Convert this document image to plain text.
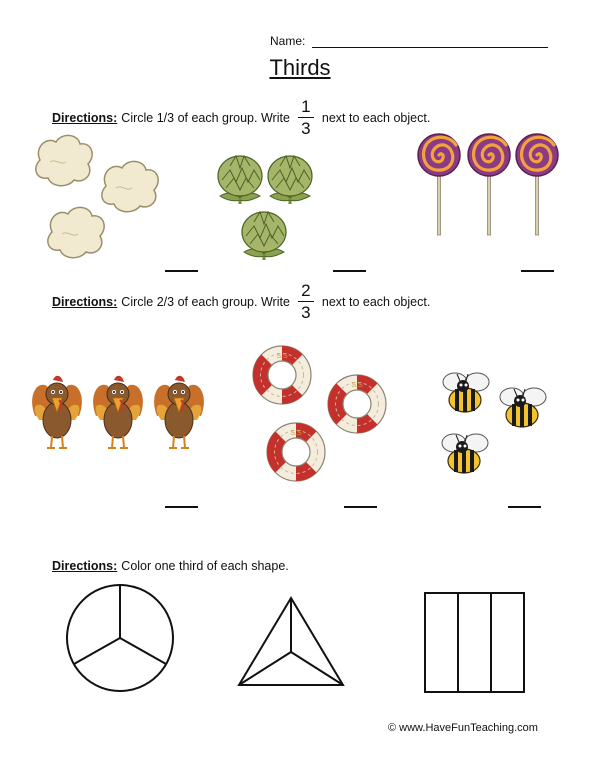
Name:
Thirds
Directions: Circle 1/3 of each group. Write $\frac{1}{3}$ next to each object.
Directions: Circle 2/3 of each group. Write $\frac{2}{3}$ next to each object.
Directions: Color one third of each shape.
© www.HaveFunTeaching.com
